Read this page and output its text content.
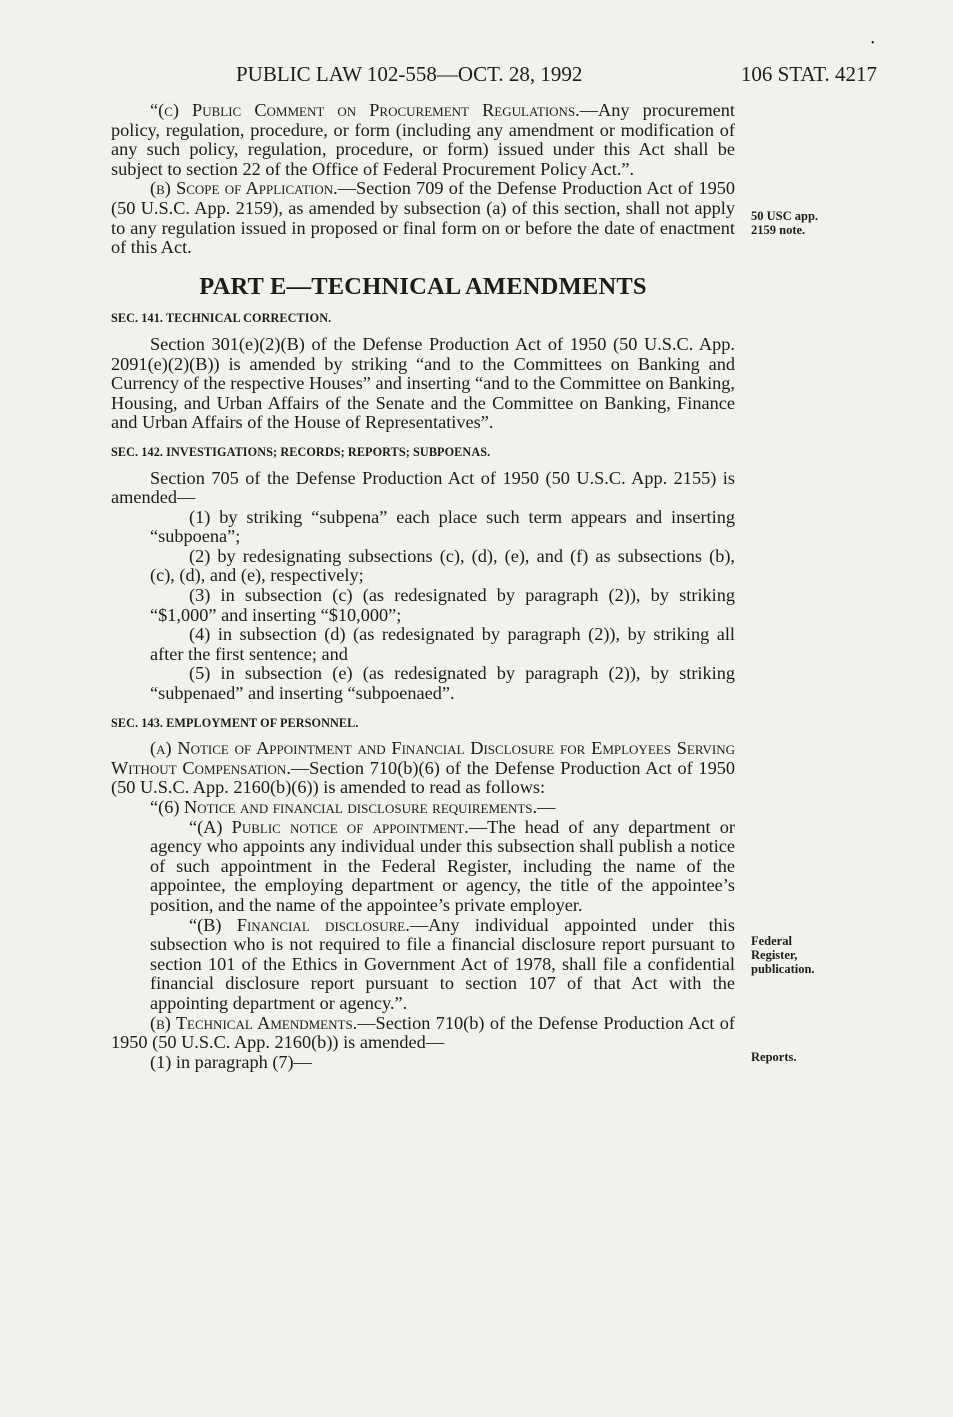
•
PUBLIC LAW 102-558—OCT. 28, 1992	106 STAT. 4217

“(c) Public Comment on Procurement Regulations.—Any procurement policy, regulation, procedure, or form (including any amendment or modification of any such policy, regulation, procedure, or form) issued under this Act shall be subject to section 22 of the Office of Federal Procurement Policy Act.”.

(b) Scope of Application.—Section 709 of the Defense Production Act of 1950 (50 U.S.C. App. 2159), as amended by subsection (a) of this section, shall not apply to any regulation issued in proposed or final form on or before the date of enactment of this Act.

PART E—TECHNICAL AMENDMENTS
SEC. 141. TECHNICAL CORRECTION.

Section 301(e)(2)(B) of the Defense Production Act of 1950 (50 U.S.C. App. 2091(e)(2)(B)) is amended by striking “and to the Committees on Banking and Currency of the respective Houses” and inserting “and to the Committee on Banking, Housing, and Urban Affairs of the Senate and the Committee on Banking, Finance and Urban Affairs of the House of Representatives”.

SEC. 142. INVESTIGATIONS; RECORDS; REPORTS; SUBPOENAS.

Section 705 of the Defense Production Act of 1950 (50 U.S.C. App. 2155) is amended—

(1) by striking “subpena” each place such term appears and inserting “subpoena”;

(2) by redesignating subsections (c), (d), (e), and (f) as subsections (b), (c), (d), and (e), respectively;

(3) in subsection (c) (as redesignated by paragraph (2)), by striking “$1,000” and inserting “$10,000”;

(4) in subsection (d) (as redesignated by paragraph (2)), by striking all after the first sentence; and

(5) in subsection (e) (as redesignated by paragraph (2)), by striking “subpenaed” and inserting “subpoenaed”.

SEC. 143. EMPLOYMENT OF PERSONNEL.

(a) Notice of Appointment and Financial Disclosure for Employees Serving Without Compensation.—Section 710(b)(6) of the Defense Production Act of 1950 (50 U.S.C. App. 2160(b)(6)) is amended to read as follows:

“(6) Notice and financial disclosure requirements.—

“(A) Public notice of appointment.—The head of any department or agency who appoints any individual under this subsection shall publish a notice of such appointment in the Federal Register, including the name of the appointee, the employing department or agency, the title of the appointee’s position, and the name of the appointee’s private employer.

“(B) Financial disclosure.—Any individual appointed under this subsection who is not required to file a financial disclosure report pursuant to section 101 of the Ethics in Government Act of 1978, shall file a confidential financial disclosure report pursuant to section 107 of that Act with the appointing department or agency.”.

(b) Technical Amendments.—Section 710(b) of the Defense Production Act of 1950 (50 U.S.C. App. 2160(b)) is amended—

(1) in paragraph (7)—

50 USC app.
2159 note.
Federal
Register,
publication.
Reports.
